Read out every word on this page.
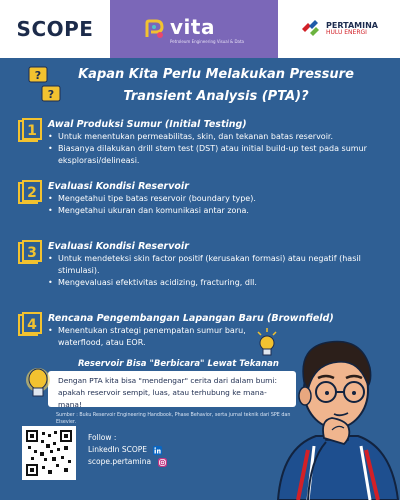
SCOPE	vita
Petroleum Engineering Visual & Data
PERTAMINA
HULU ENERGI
?
?
Kapan Kita Perlu Melakukan Pressure
Transient Analysis (PTA)?
1 Awal Produksi Sumur (Initial Testing)
• Untuk menentukan permeabilitas, skin, dan tekanan batas reservoir.
• Biasanya dilakukan drill stem test (DST) atau initial build-up test pada sumur eksplorasi/delineasi.
2 Evaluasi Kondisi Reservoir
• Mengetahui tipe batas reservoir (boundary type).
• Mengetahui ukuran dan komunikasi antar zona.
3 Evaluasi Kondisi Reservoir
• Untuk mendeteksi skin factor positif (kerusakan formasi) atau negatif (hasil stimulasi).
• Mengevaluasi efektivitas acidizing, fracturing, dll.
4 Rencana Pengembangan Lapangan Baru (Brownfield)
• Menentukan strategi penempatan sumur baru, waterflood, atau EOR.
Reservoir Bisa "Berbicara" Lewat Tekanan
Dengan PTA kita bisa "mendengar" cerita dari dalam bumi: apakah reservoir sempit, luas, atau terhubung ke mana-mana!
Sumber : Buku Reservoir Engineering Handbook, Phase Behavior, serta jurnal teknik dari SPE dan Elsevier.
Follow :
LinkedIn SCOPE
scope.pertamina
